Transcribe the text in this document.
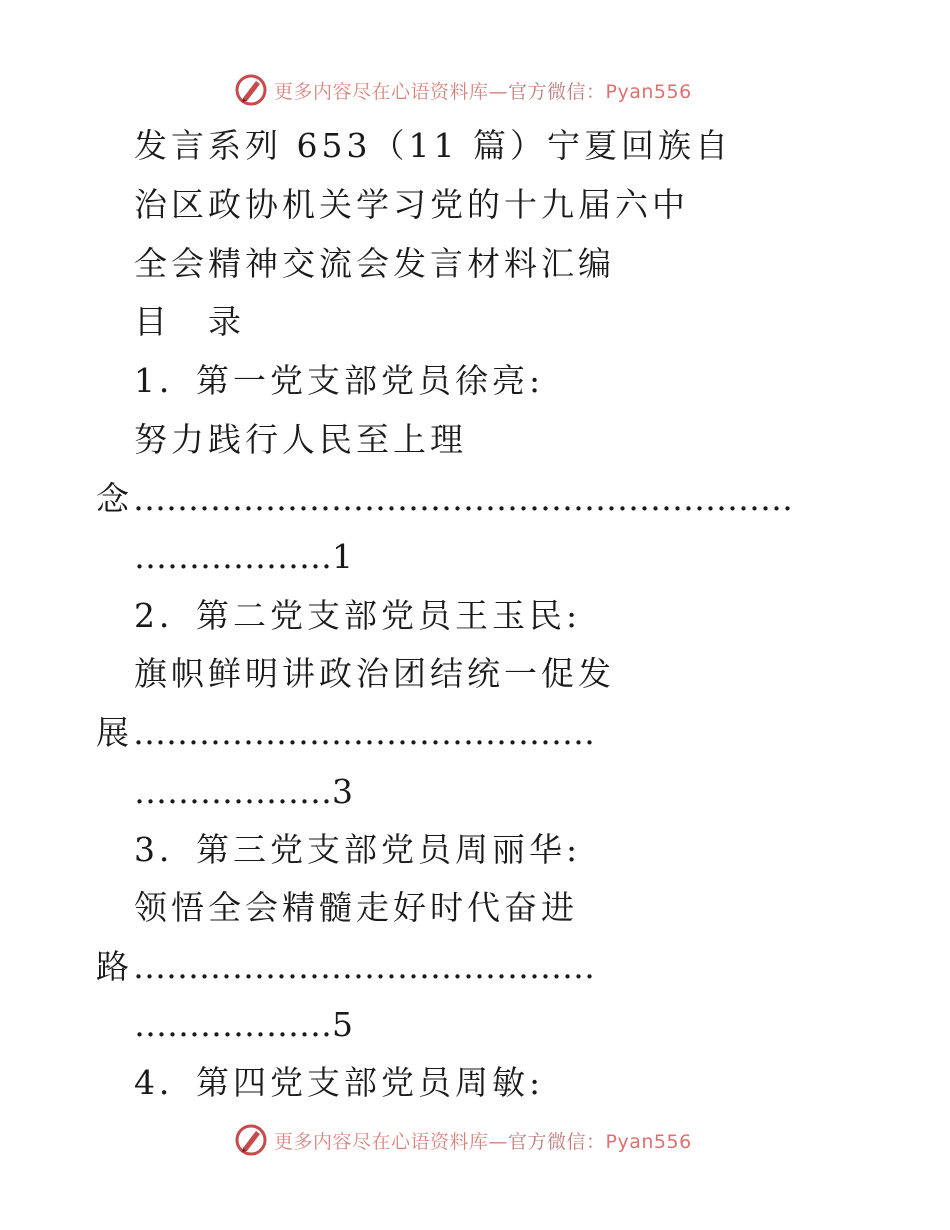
更多内容尽在心语资料库—官方微信：Pyan556
发言系列 653（11 篇）宁夏回族自
治区政协机关学习党的十九届六中
全会精神交流会发言材料汇编
目　录
1．第一党支部党员徐亮:
努力践行人民至上理
念……………………………………………………
………………1
2．第二党支部党员王玉民:
旗帜鲜明讲政治团结统一促发
展……………………………………
………………3
3．第三党支部党员周丽华:
领悟全会精髓走好时代奋进
路……………………………………
………………5
4．第四党支部党员周敏:
更多内容尽在心语资料库—官方微信：Pyan556
